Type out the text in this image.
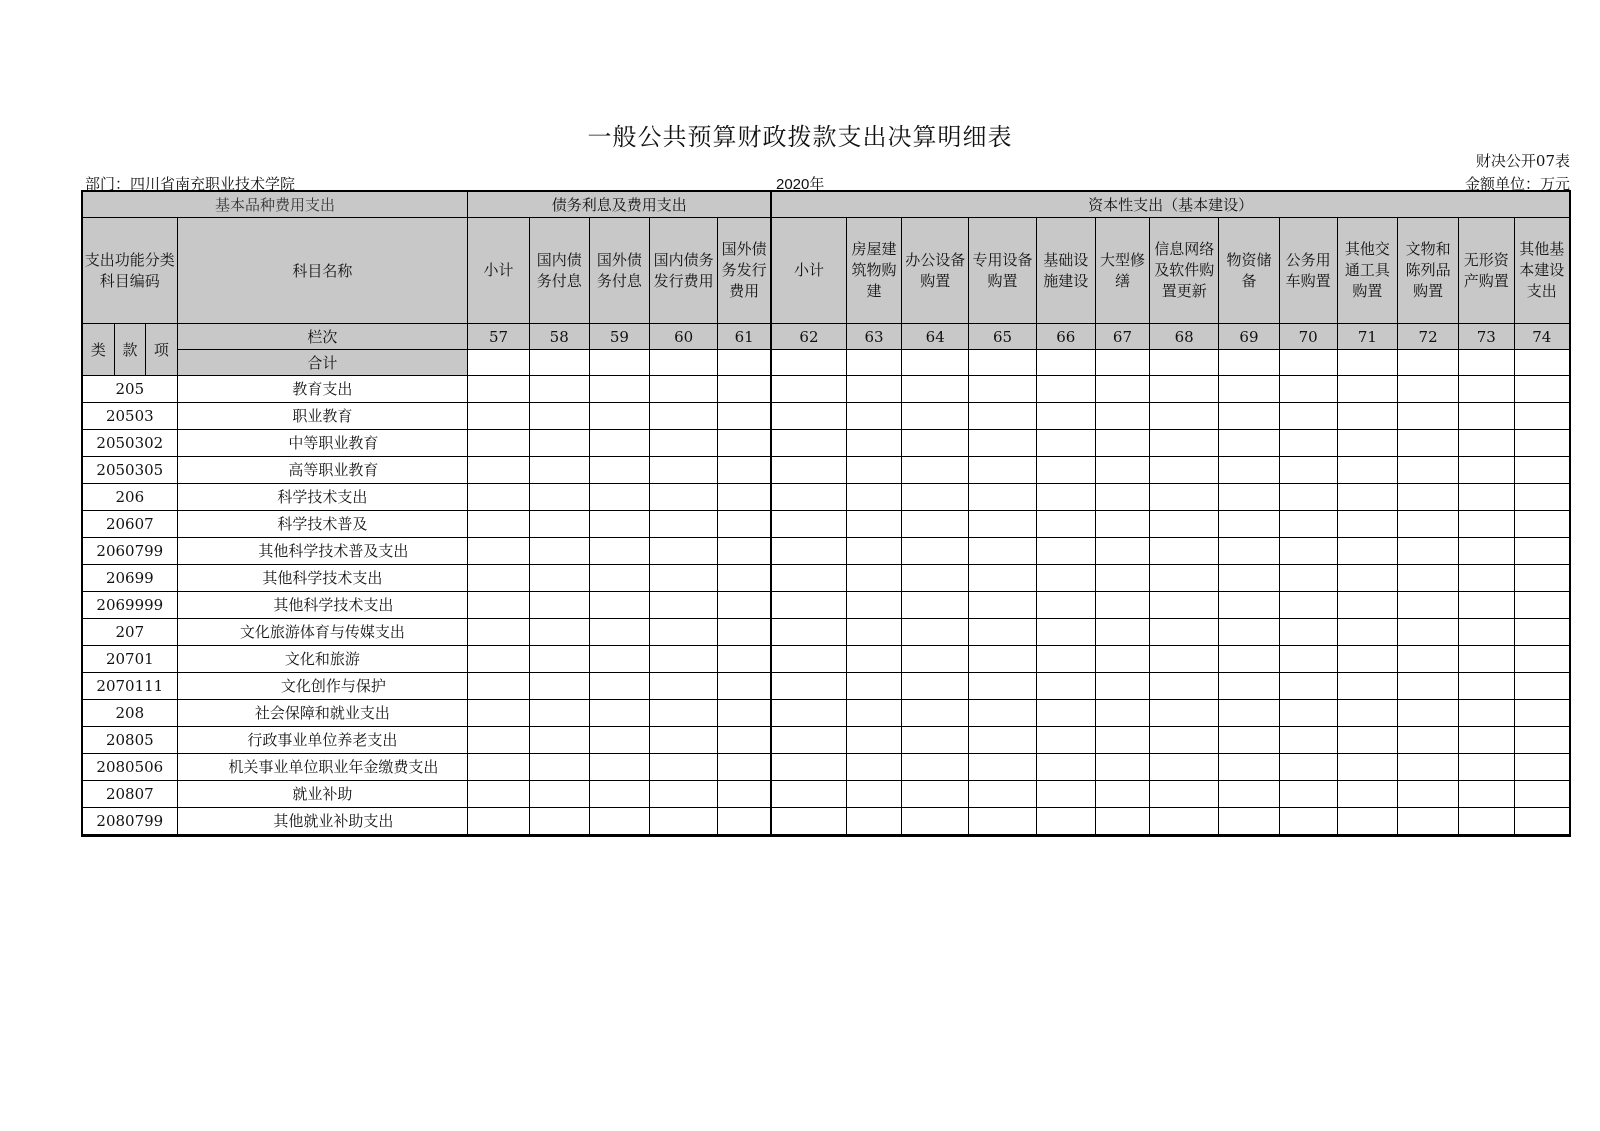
一般公共预算财政拨款支出决算明细表
财决公开07表
部门：四川省南充职业技术学院	2020年	金额单位：万元
基本品种费用支出				债务利息及费用支出					资本性支出（基本建设）												
支出功能分类科目编码			科目名称	小计	国内债务付息	国外债务付息	国内债务发行费用	国外债务发行费用	小计	房屋建筑物购建	办公设备购置	专用设备购置	基础设施建设	大型修缮	信息网络及软件购置更新	物资储备	公务用车购置	其他交通工具购置	文物和陈列品购置	无形资产购置	其他基本建设支出
类	款	项	栏次	57	58	59	60	61	62	63	64	65	66	67	68	69	70	71	72	73	74
			合计																		
205			教育支出																		
20503			职业教育																		
2050302			中等职业教育																		
2050305			高等职业教育																		
206			科学技术支出																		
20607			科学技术普及																		
2060799			其他科学技术普及支出																		
20699			其他科学技术支出																		
2069999			其他科学技术支出																		
207			文化旅游体育与传媒支出																		
20701			文化和旅游																		
2070111			文化创作与保护																		
208			社会保障和就业支出																		
20805			行政事业单位养老支出																		
2080506			机关事业单位职业年金缴费支出																		
20807			就业补助																		
2080799			其他就业补助支出																		
